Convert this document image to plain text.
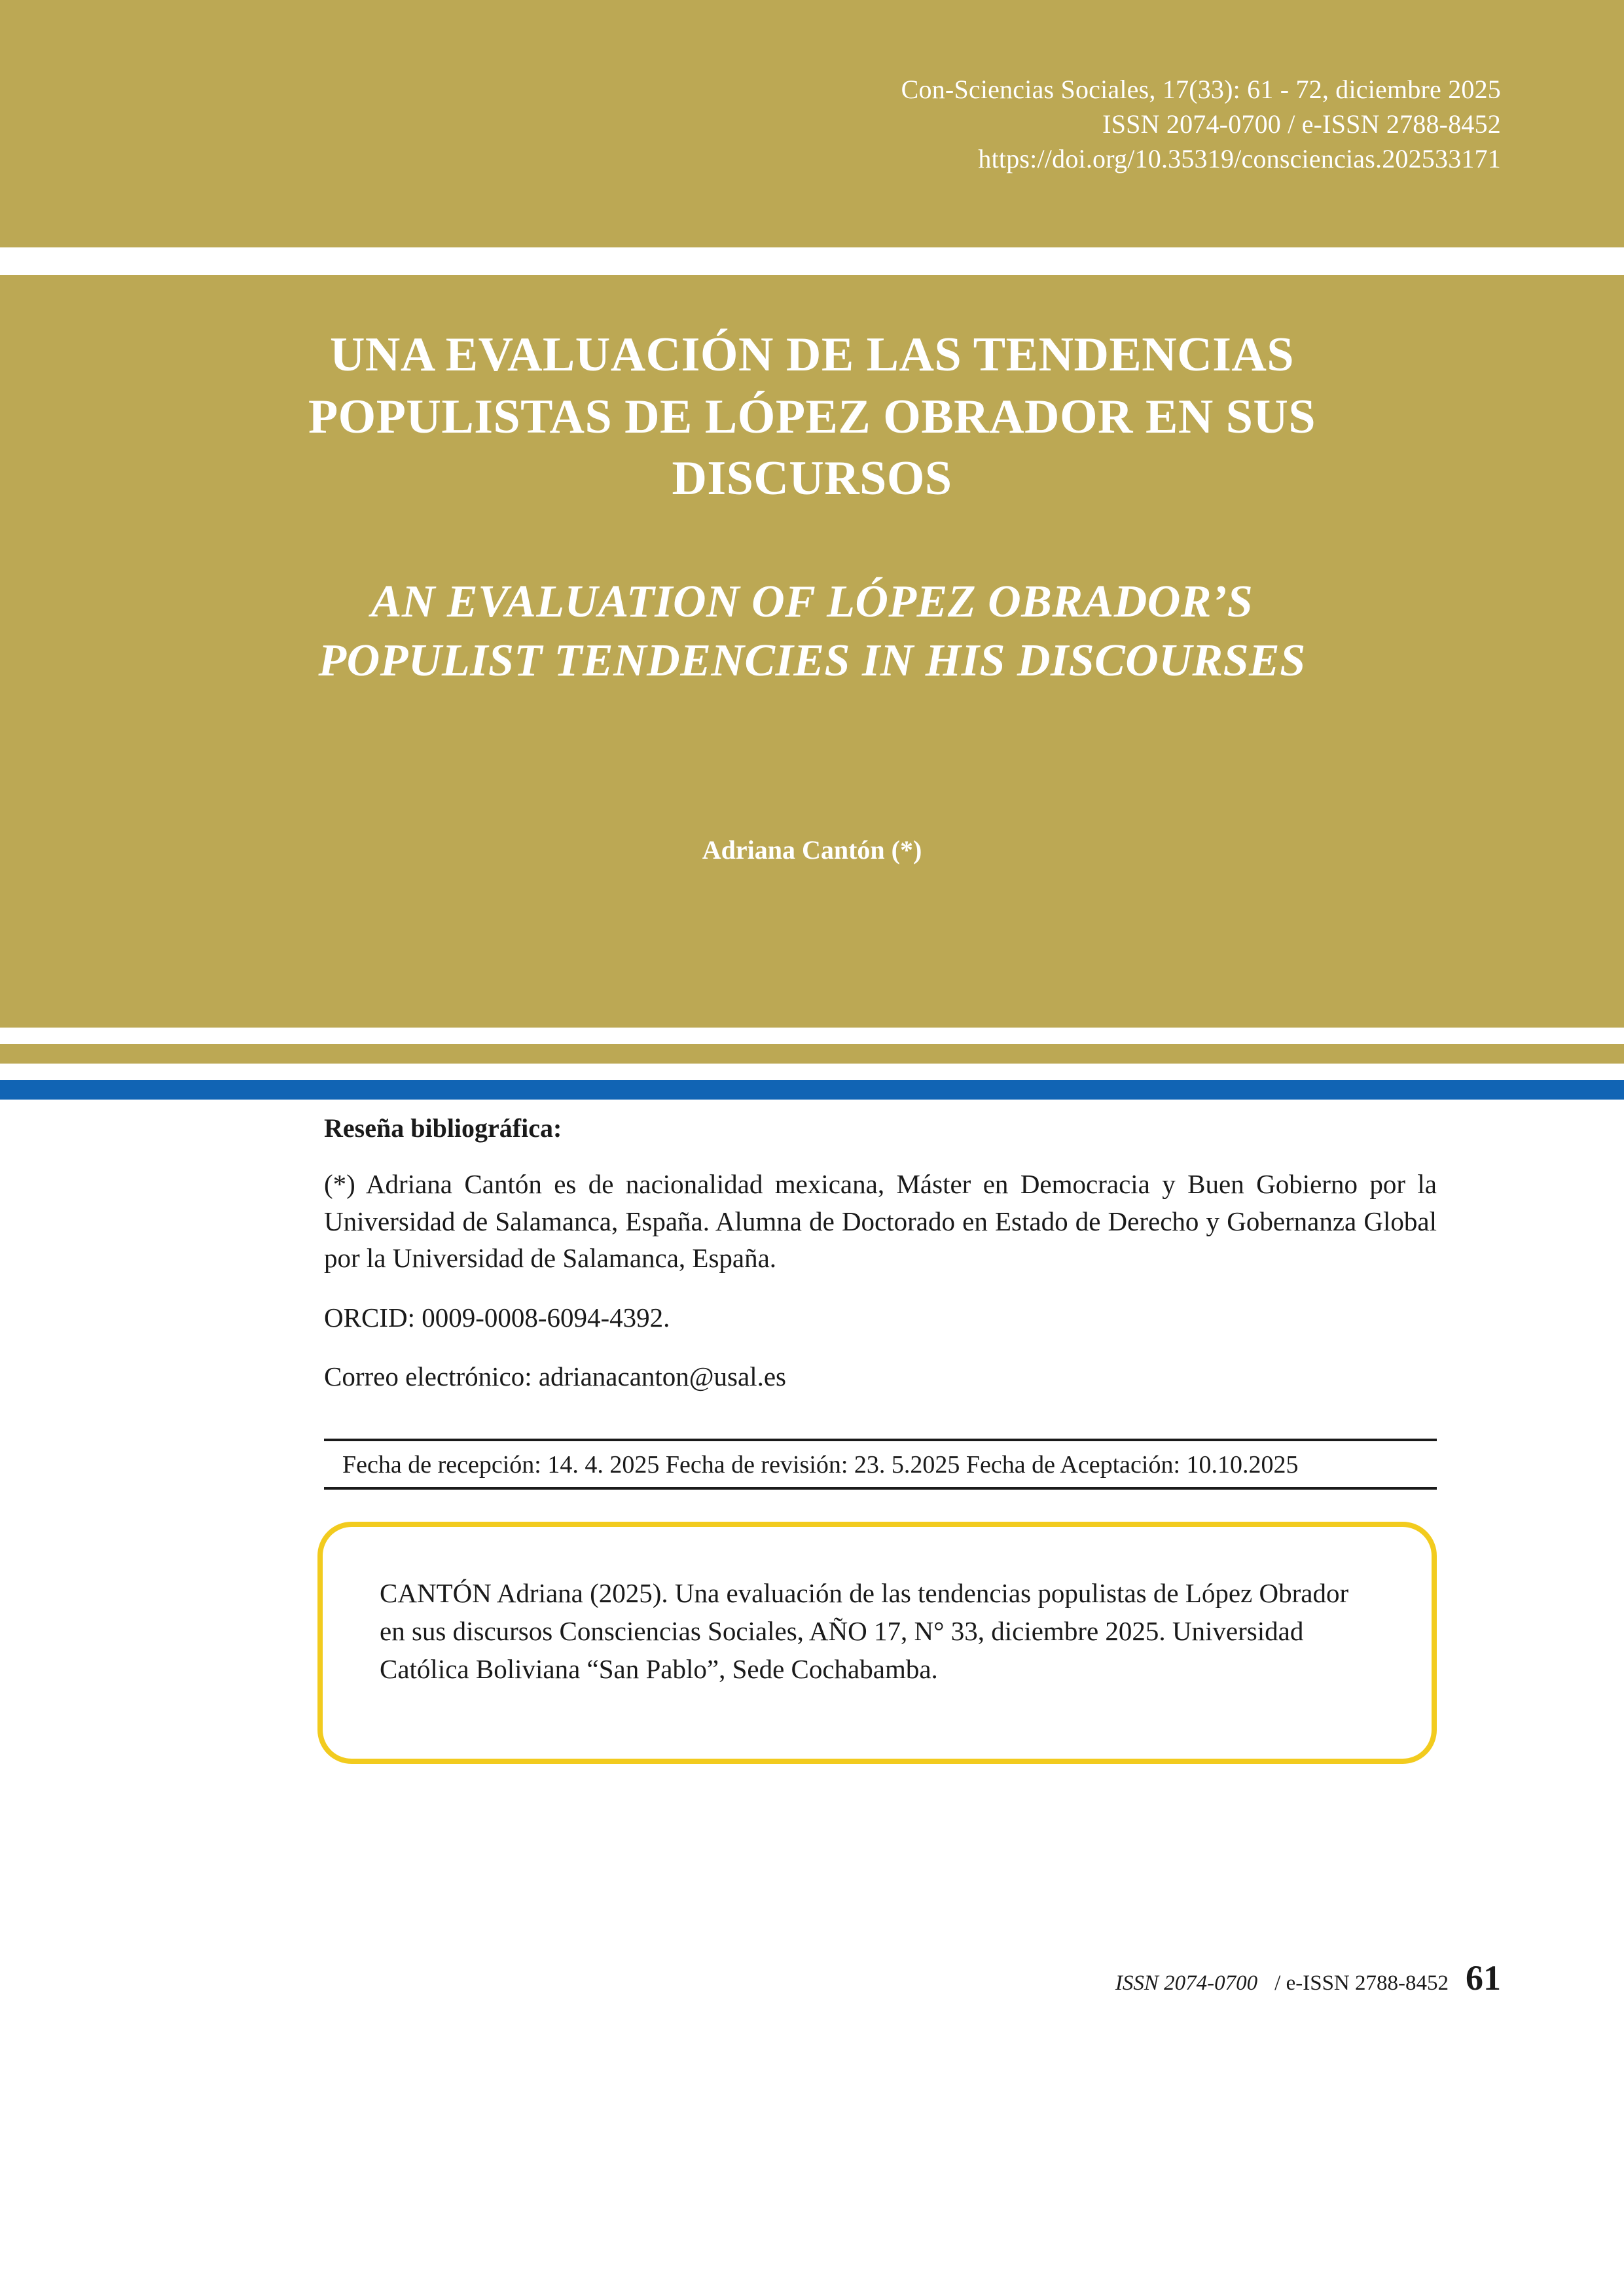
Con-Sciencias Sociales, 17(33): 61 - 72, diciembre 2025
ISSN 2074-0700 / e-ISSN 2788-8452
https://doi.org/10.35319/consciencias.202533171
UNA EVALUACIÓN DE LAS TENDENCIAS POPULISTAS DE LÓPEZ OBRADOR EN SUS DISCURSOS
AN EVALUATION OF LÓPEZ OBRADOR’S POPULIST TENDENCIES IN HIS DISCOURSES
Adriana Cantón (*)

Reseña bibliográfica:

(*) Adriana Cantón es de nacionalidad mexicana, Máster en Democracia y Buen Gobierno por la Universidad de Salamanca, España. Alumna de Doctorado en Estado de Derecho y Gobernanza Global por la Universidad de Salamanca, España.

ORCID: 0009-0008-6094-4392.

Correo electrónico: adrianacanton@usal.es

Fecha de recepción: 14. 4. 2025 Fecha de revisión: 23. 5.2025 Fecha de Aceptación: 10.10.2025
CANTÓN Adriana (2025). Una evaluación de las tendencias populistas de López Obrador en sus discursos Consciencias Sociales, AÑO 17, N° 33, diciembre 2025. Universidad Católica Boliviana “San Pablo”, Sede Cochabamba.
ISSN 2074-0700 / e-ISSN 2788-8452 61
